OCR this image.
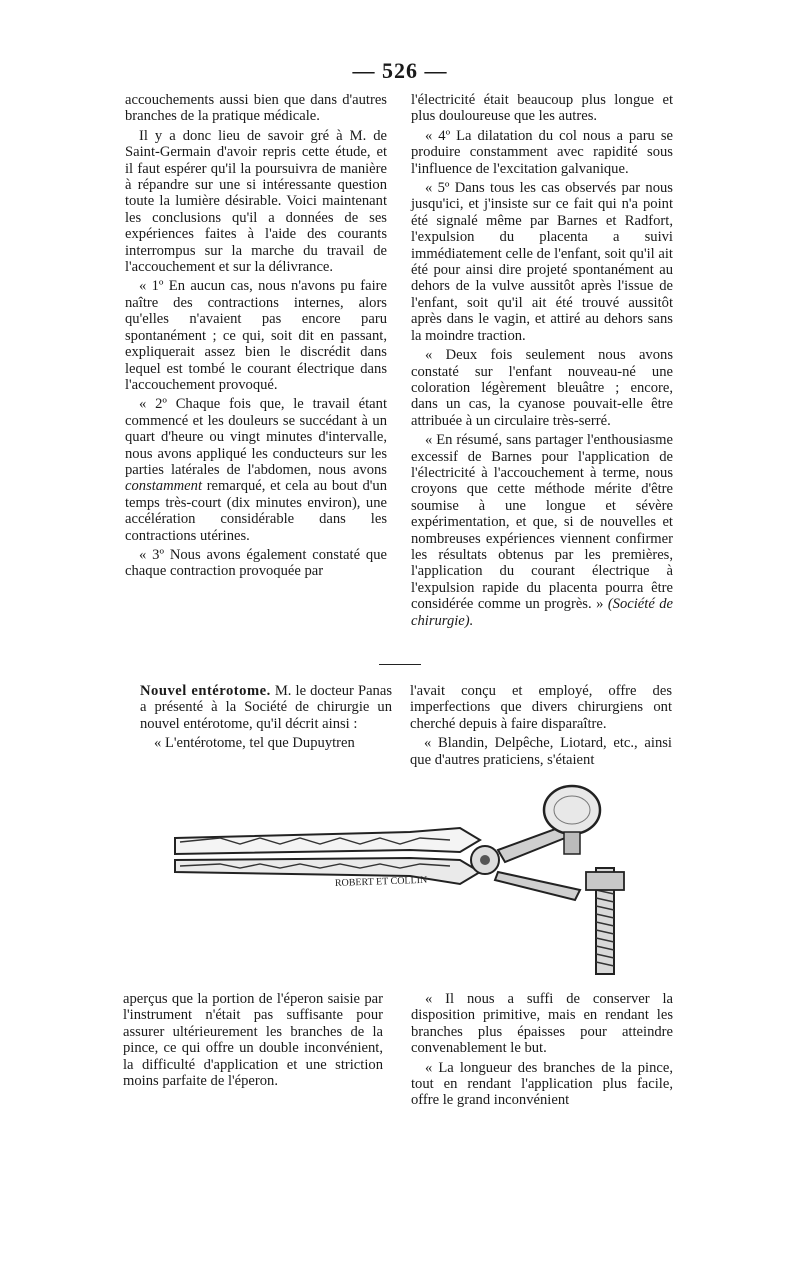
— 526 —

accouchements aussi bien que dans d'autres branches de la pratique médicale.

Il y a donc lieu de savoir gré à M. de Saint-Germain d'avoir repris cette étude, et il faut espérer qu'il la poursuivra de manière à répandre sur une si intéressante question toute la lumière désirable. Voici maintenant les conclusions qu'il a données de ses expériences faites à l'aide des courants interrompus sur la marche du travail de l'accouchement et sur la délivrance.

« 1º En aucun cas, nous n'avons pu faire naître des contractions internes, alors qu'elles n'avaient pas encore paru spontanément ; ce qui, soit dit en passant, expliquerait assez bien le discrédit dans lequel est tombé le courant électrique dans l'accouchement provoqué.

« 2º Chaque fois que, le travail étant commencé et les douleurs se succédant à un quart d'heure ou vingt minutes d'intervalle, nous avons appliqué les conducteurs sur les parties latérales de l'abdomen, nous avons constamment remarqué, et cela au bout d'un temps très-court (dix minutes environ), une accélération considérable dans les contractions utérines.

« 3º Nous avons également constaté que chaque contraction provoquée par

l'électricité était beaucoup plus longue et plus douloureuse que les autres.

« 4º La dilatation du col nous a paru se produire constamment avec rapidité sous l'influence de l'excitation galvanique.

« 5º Dans tous les cas observés par nous jusqu'ici, et j'insiste sur ce fait qui n'a point été signalé même par Barnes et Radfort, l'expulsion du placenta a suivi immédiatement celle de l'enfant, soit qu'il ait été pour ainsi dire projeté spontanément au dehors de la vulve aussitôt après l'issue de l'enfant, soit qu'il ait été trouvé aussitôt après dans le vagin, et attiré au dehors sans la moindre traction.

« Deux fois seulement nous avons constaté sur l'enfant nouveau-né une coloration légèrement bleuâtre ; encore, dans un cas, la cyanose pouvait-elle être attribuée à un circulaire très-serré.

« En résumé, sans partager l'enthousiasme excessif de Barnes pour l'application de l'électricité à l'accouchement à terme, nous croyons que cette méthode mérite d'être soumise à une longue et sévère expérimentation, et que, si de nouvelles et nombreuses expériences viennent confirmer les résultats obtenus par les premières, l'application du courant électrique à l'expulsion rapide du placenta pourra être considérée comme un progrès. » (Société de chirurgie).

Nouvel entérotome. M. le docteur Panas a présenté à la Société de chirurgie un nouvel entérotome, qu'il décrit ainsi :

« L'entérotome, tel que Dupuytren

l'avait conçu et employé, offre des imperfections que divers chirurgiens ont cherché depuis à faire disparaître.

« Blandin, Delpêche, Liotard, etc., ainsi que d'autres praticiens, s'étaient

ROBERT ET COLLIN

aperçus que la portion de l'éperon saisie par l'instrument n'était pas suffisante pour assurer ultérieurement les branches de la pince, ce qui offre un double inconvénient, la difficulté d'application et une striction moins parfaite de l'éperon.

« Il nous a suffi de conserver la disposition primitive, mais en rendant les branches plus épaisses pour atteindre convenablement le but.

« La longueur des branches de la pince, tout en rendant l'application plus facile, offre le grand inconvénient
